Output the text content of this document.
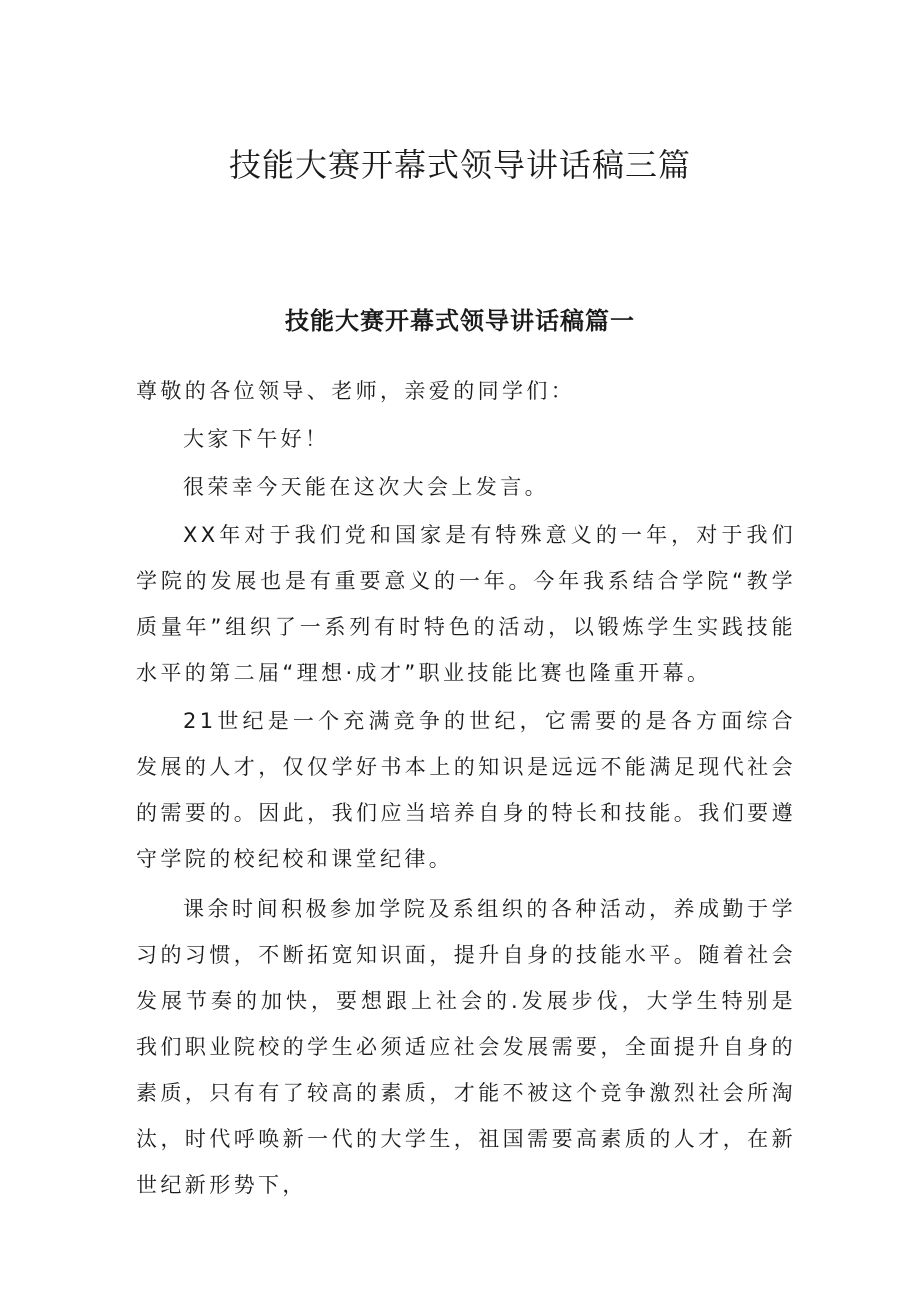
技能大赛开幕式领导讲话稿三篇
技能大赛开幕式领导讲话稿篇一

尊敬的各位领导、老师，亲爱的同学们：

大家下午好！

很荣幸今天能在这次大会上发言。

XX年对于我们党和国家是有特殊意义的一年，对于我们学院的发展也是有重要意义的一年。今年我系结合学院“教学质量年”组织了一系列有时特色的活动，以锻炼学生实践技能水平的第二届“理想·成才”职业技能比赛也隆重开幕。

21世纪是一个充满竞争的世纪，它需要的是各方面综合发展的人才，仅仅学好书本上的知识是远远不能满足现代社会的需要的。因此，我们应当培养自身的特长和技能。我们要遵守学院的校纪校和课堂纪律。

课余时间积极参加学院及系组织的各种活动，养成勤于学习的习惯，不断拓宽知识面，提升自身的技能水平。随着社会发展节奏的加快，要想跟上社会的.发展步伐，大学生特别是我们职业院校的学生必须适应社会发展需要，全面提升自身的素质，只有有了较高的素质，才能不被这个竞争激烈社会所淘汰，时代呼唤新一代的大学生，祖国需要高素质的人才，在新世纪新形势下，
